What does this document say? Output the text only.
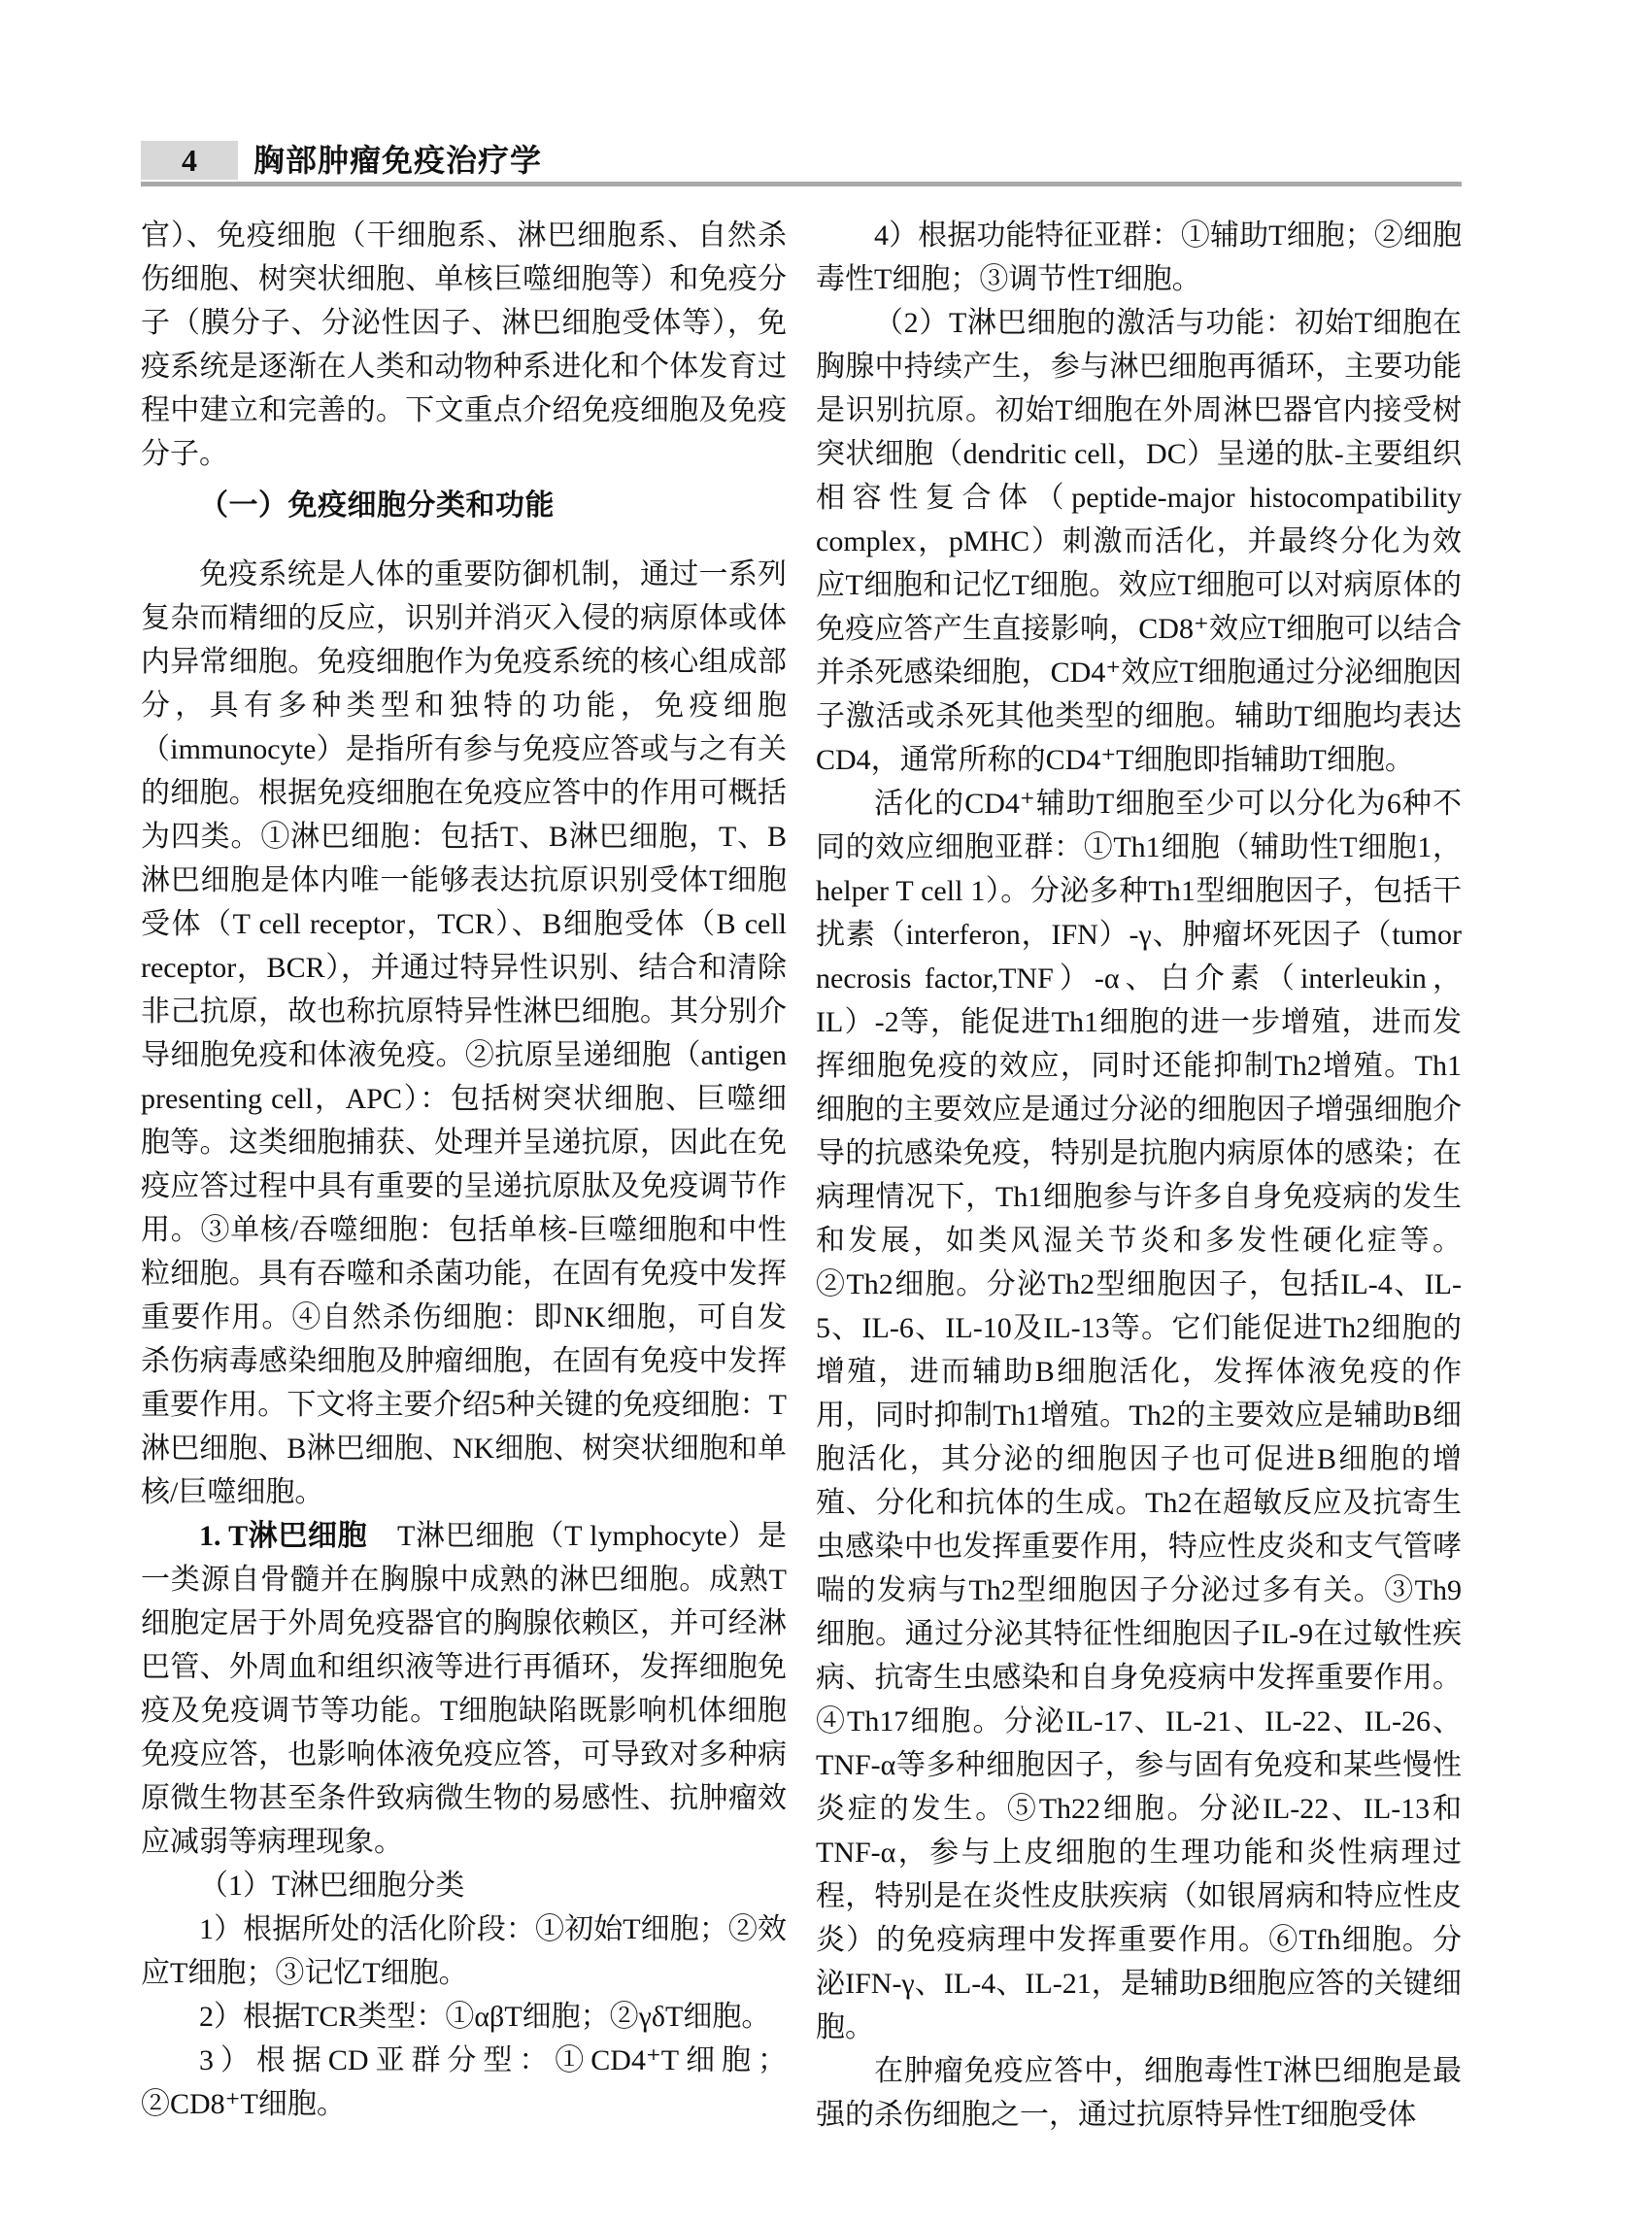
4	胸部肿瘤免疫治疗学

官）、免疫细胞（干细胞系、淋巴细胞系、自然杀伤细胞、树突状细胞、单核巨噬细胞等）和免疫分子（膜分子、分泌性因子、淋巴细胞受体等），免疫系统是逐渐在人类和动物种系进化和个体发育过程中建立和完善的。下文重点介绍免疫细胞及免疫分子。

（一）免疫细胞分类和功能

免疫系统是人体的重要防御机制，通过一系列复杂而精细的反应，识别并消灭入侵的病原体或体内异常细胞。免疫细胞作为免疫系统的核心组成部分，具有多种类型和独特的功能，免疫细胞（immunocyte）是指所有参与免疫应答或与之有关的细胞。根据免疫细胞在免疫应答中的作用可概括为四类。①淋巴细胞：包括T、B淋巴细胞，T、B淋巴细胞是体内唯一能够表达抗原识别受体T细胞受体（T cell receptor，TCR）、B细胞受体（B cell receptor，BCR），并通过特异性识别、结合和清除非己抗原，故也称抗原特异性淋巴细胞。其分别介导细胞免疫和体液免疫。②抗原呈递细胞（antigen presenting cell，APC）：包括树突状细胞、巨噬细胞等。这类细胞捕获、处理并呈递抗原，因此在免疫应答过程中具有重要的呈递抗原肽及免疫调节作用。③单核/吞噬细胞：包括单核-巨噬细胞和中性粒细胞。具有吞噬和杀菌功能，在固有免疫中发挥重要作用。④自然杀伤细胞：即NK细胞，可自发杀伤病毒感染细胞及肿瘤细胞，在固有免疫中发挥重要作用。下文将主要介绍5种关键的免疫细胞：T淋巴细胞、B淋巴细胞、NK细胞、树突状细胞和单核/巨噬细胞。

1. T淋巴细胞　T淋巴细胞（T lymphocyte）是一类源自骨髓并在胸腺中成熟的淋巴细胞。成熟T细胞定居于外周免疫器官的胸腺依赖区，并可经淋巴管、外周血和组织液等进行再循环，发挥细胞免疫及免疫调节等功能。T细胞缺陷既影响机体细胞免疫应答，也影响体液免疫应答，可导致对多种病原微生物甚至条件致病微生物的易感性、抗肿瘤效应减弱等病理现象。

（1）T淋巴细胞分类

1）根据所处的活化阶段：①初始T细胞；②效应T细胞；③记忆T细胞。

2）根据TCR类型：①αβT细胞；②γδT细胞。

3）根据CD亚群分型：①CD4⁺T细胞；②CD8⁺T细胞。

4）根据功能特征亚群：①辅助T细胞；②细胞毒性T细胞；③调节性T细胞。

（2）T淋巴细胞的激活与功能：初始T细胞在胸腺中持续产生，参与淋巴细胞再循环，主要功能是识别抗原。初始T细胞在外周淋巴器官内接受树突状细胞（dendritic cell，DC）呈递的肽-主要组织相容性复合体（peptide-major histocompatibility complex，pMHC）刺激而活化，并最终分化为效应T细胞和记忆T细胞。效应T细胞可以对病原体的免疫应答产生直接影响，CD8⁺效应T细胞可以结合并杀死感染细胞，CD4⁺效应T细胞通过分泌细胞因子激活或杀死其他类型的细胞。辅助T细胞均表达CD4，通常所称的CD4⁺T细胞即指辅助T细胞。

活化的CD4⁺辅助T细胞至少可以分化为6种不同的效应细胞亚群：①Th1细胞（辅助性T细胞1，helper T cell 1）。分泌多种Th1型细胞因子，包括干扰素（interferon，IFN）-γ、肿瘤坏死因子（tumor necrosis factor,TNF）-α、白介素（interleukin，IL）-2等，能促进Th1细胞的进一步增殖，进而发挥细胞免疫的效应，同时还能抑制Th2增殖。Th1细胞的主要效应是通过分泌的细胞因子增强细胞介导的抗感染免疫，特别是抗胞内病原体的感染；在病理情况下，Th1细胞参与许多自身免疫病的发生和发展，如类风湿关节炎和多发性硬化症等。②Th2细胞。分泌Th2型细胞因子，包括IL-4、IL-5、IL-6、IL-10及IL-13等。它们能促进Th2细胞的增殖，进而辅助B细胞活化，发挥体液免疫的作用，同时抑制Th1增殖。Th2的主要效应是辅助B细胞活化，其分泌的细胞因子也可促进B细胞的增殖、分化和抗体的生成。Th2在超敏反应及抗寄生虫感染中也发挥重要作用，特应性皮炎和支气管哮喘的发病与Th2型细胞因子分泌过多有关。③Th9细胞。通过分泌其特征性细胞因子IL-9在过敏性疾病、抗寄生虫感染和自身免疫病中发挥重要作用。④Th17细胞。分泌IL-17、IL-21、IL-22、IL-26、TNF-α等多种细胞因子，参与固有免疫和某些慢性炎症的发生。⑤Th22细胞。分泌IL-22、IL-13和TNF-α，参与上皮细胞的生理功能和炎性病理过程，特别是在炎性皮肤疾病（如银屑病和特应性皮炎）的免疫病理中发挥重要作用。⑥Tfh细胞。分泌IFN-γ、IL-4、IL-21，是辅助B细胞应答的关键细胞。

在肿瘤免疫应答中，细胞毒性T淋巴细胞是最强的杀伤细胞之一，通过抗原特异性T细胞受体
